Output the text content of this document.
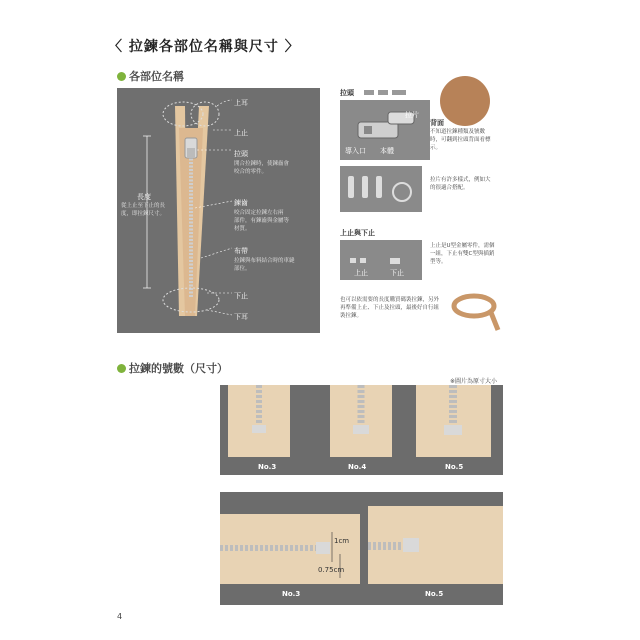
〈 拉鍊各部位名稱與尺寸 〉
各部位名稱
上耳
上止
拉頭
開合拉鍊時，使鍊齒會
咬合的零件。
鍊齒
咬合固定拉鍊左右兩
部件，有鍊齒與金屬等
材質。
布帶
拉鍊與布料結合時的車縫
部位。
下止
下耳
長度
從上止至下止的長
度，即拉鍊尺寸。
拉頭
拉片
導入口 本體
背面
不知道拉鍊種類及號數時，可翻到拉頭背面看標示。
拉片有許多樣式，例如大的很適合搭配。
上止與下止
上止	下止
上止是U型金屬零件，需個一組，下止有雙C型與插銷型等。
也可以依需要的長度購買碼裝拉鍊，另外再準備上止、下止及拉頭，最後好自行組裝拉鍊。
拉鍊的號數（尺寸）
※圖片為原寸大小
No.3	No.4	No.5
1cm
0.75cm
No.3	No.5
4
